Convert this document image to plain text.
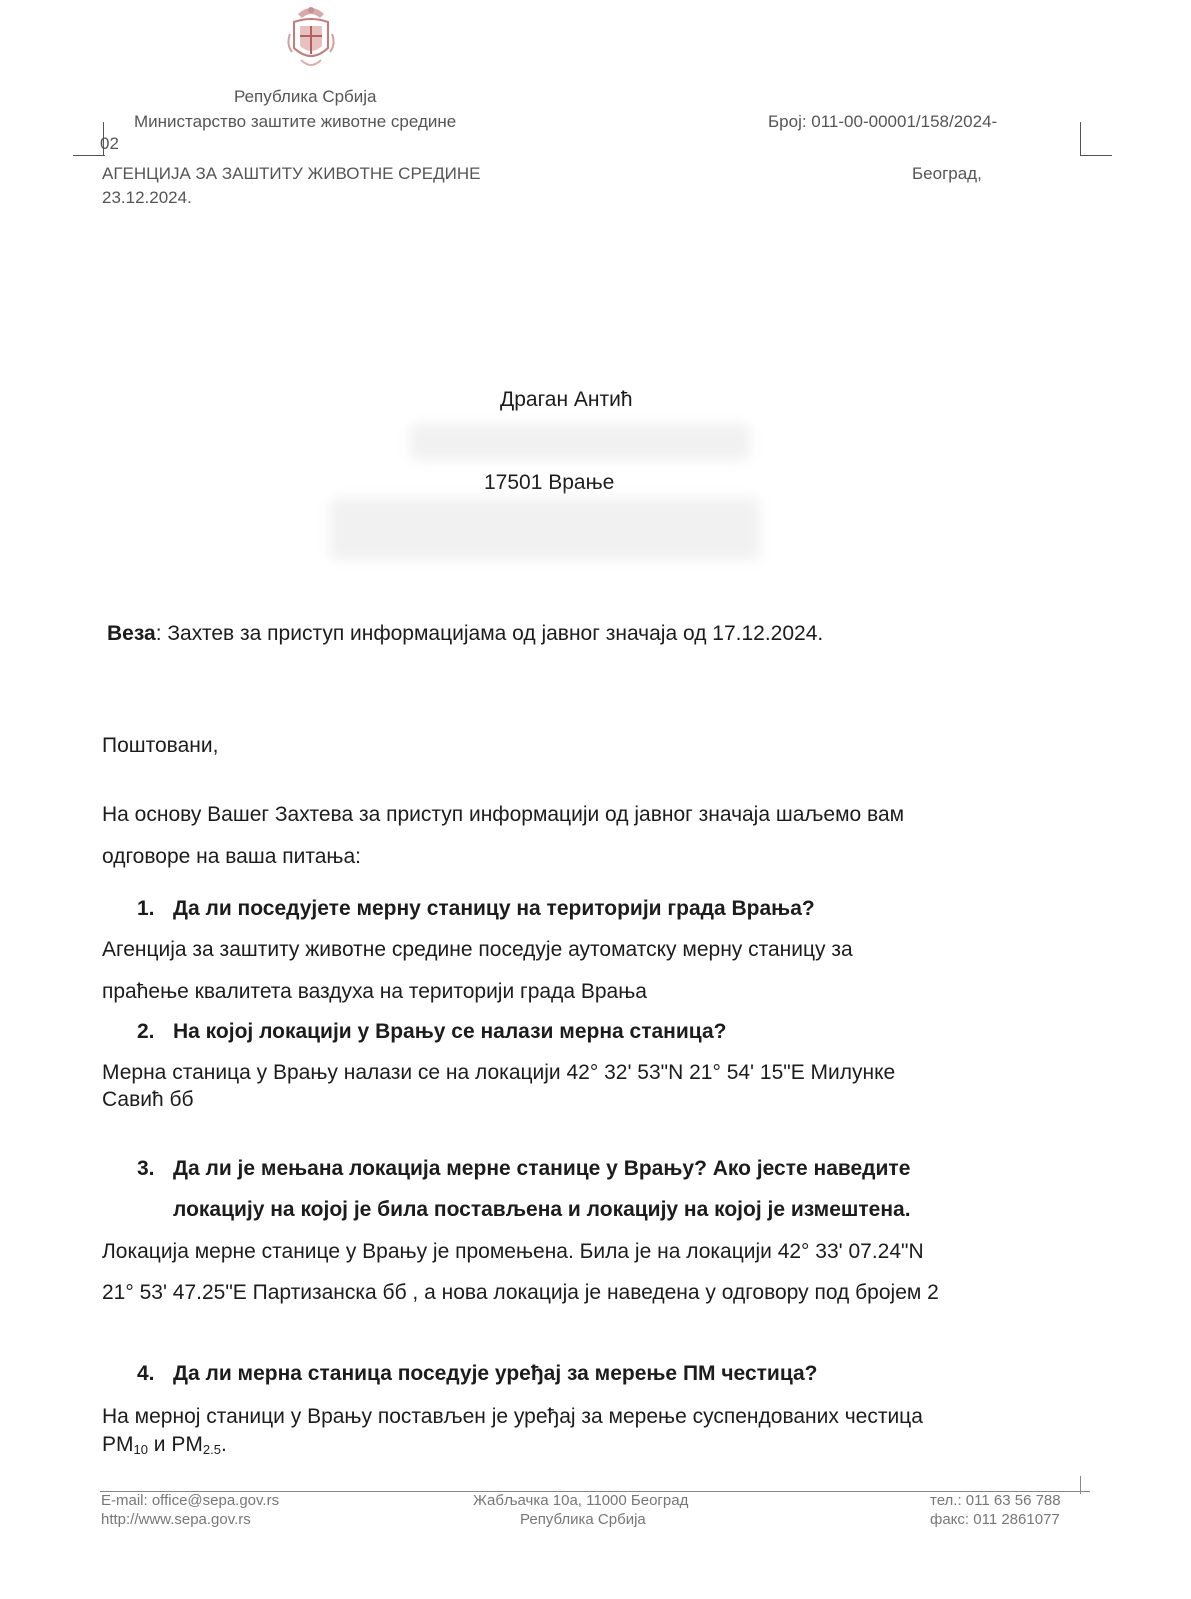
Република Србија
Министарство заштите животне средине	Број: 011-00-00001/158/2024-
02
АГЕНЦИЈА ЗА ЗАШТИТУ ЖИВОТНЕ СРЕДИНЕ	Београд,
23.12.2024.
Драган Антић
17501 Врање
Веза: Захтев за приступ информацијама од јавног значаја од 17.12.2024.
Поштовани,
На основу Вашег Захтева за приступ информацији од јавног значаја шаљемо вам
одговоре на ваша питања:
1. Да ли поседујете мерну станицу на територији града Врања?
Агенција за заштиту животне средине поседује аутоматску мерну станицу за
праћење квалитета ваздуха на територији града Врања
2. На којој локацији у Врању се налази мерна станица?
Мерна станица у Врању налази се на локацији 42° 32' 53"N 21° 54' 15"E Милунке
Савић бб
3. Да ли је мењана локација мерне станице у Врању? Ако јесте наведите
локацију на којој је била постављена и локацију на којој је измештена.
Локација мерне станице у Врању је промењена. Била је на локацији 42° 33' 07.24"N
21° 53' 47.25"E Партизанска бб , а нова локација је наведена у одговору под бројем 2
4. Да ли мерна станица поседује уређај за мерење ПМ честица?
На мерној станици у Врању постављен је уређај за мерење суспендованих честица
$PM_{10}$ и $PM_{2.5}$.
E-mail: office@sepa.gov.rs
http://www.sepa.gov.rs
Жабљачка 10а, 11000 Београд
Република Србија
тел.: 011 63 56 788
факс: 011 2861077
